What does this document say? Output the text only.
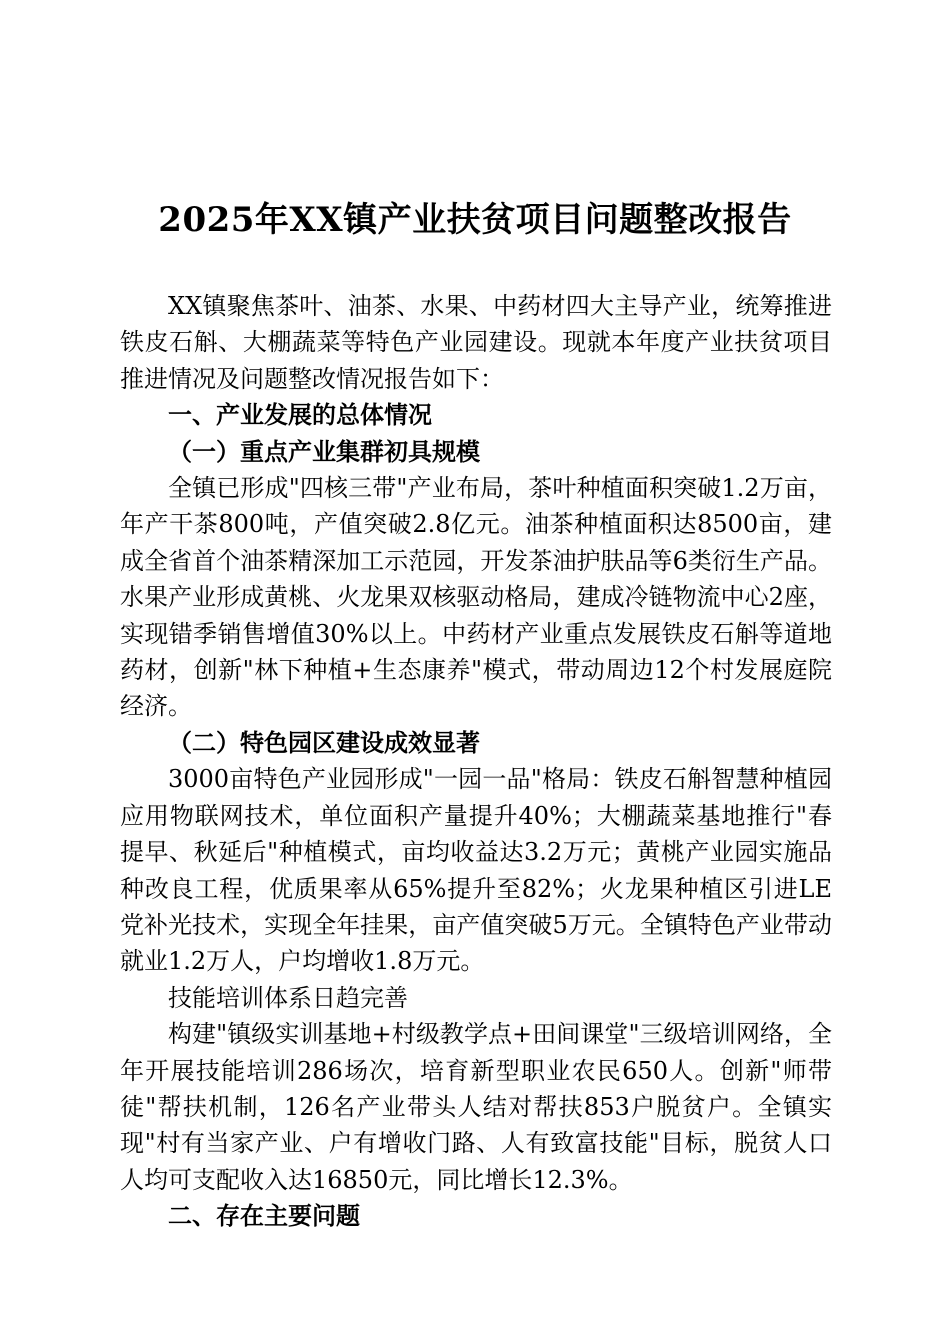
2025年XX镇产业扶贫项目问题整改报告

XX镇聚焦茶叶、油茶、水果、中药材四大主导产业，统筹推进铁皮石斛、大棚蔬菜等特色产业园建设。现就本年度产业扶贫项目推进情况及问题整改情况报告如下：

一、产业发展的总体情况

（一）重点产业集群初具规模

全镇已形成"四核三带"产业布局，茶叶种植面积突破1.2万亩，年产干茶800吨，产值突破2.8亿元。油茶种植面积达8500亩，建成全省首个油茶精深加工示范园，开发茶油护肤品等6类衍生产品。水果产业形成黄桃、火龙果双核驱动格局，建成冷链物流中心2座，实现错季销售增值30%以上。中药材产业重点发展铁皮石斛等道地药材，创新"林下种植+生态康养"模式，带动周边12个村发展庭院经济。

（二）特色园区建设成效显著

3000亩特色产业园形成"一园一品"格局：铁皮石斛智慧种植园应用物联网技术，单位面积产量提升40%；大棚蔬菜基地推行"春提早、秋延后"种植模式，亩均收益达3.2万元；黄桃产业园实施品种改良工程，优质果率从65%提升至82%；火龙果种植区引进LE党补光技术，实现全年挂果，亩产值突破5万元。全镇特色产业带动就业1.2万人，户均增收1.8万元。

技能培训体系日趋完善

构建"镇级实训基地+村级教学点+田间课堂"三级培训网络，全年开展技能培训286场次，培育新型职业农民650人。创新"师带徒"帮扶机制，126名产业带头人结对帮扶853户脱贫户。全镇实现"村有当家产业、户有增收门路、人有致富技能"目标，脱贫人口人均可支配收入达16850元，同比增长12.3%。

二、存在主要问题
